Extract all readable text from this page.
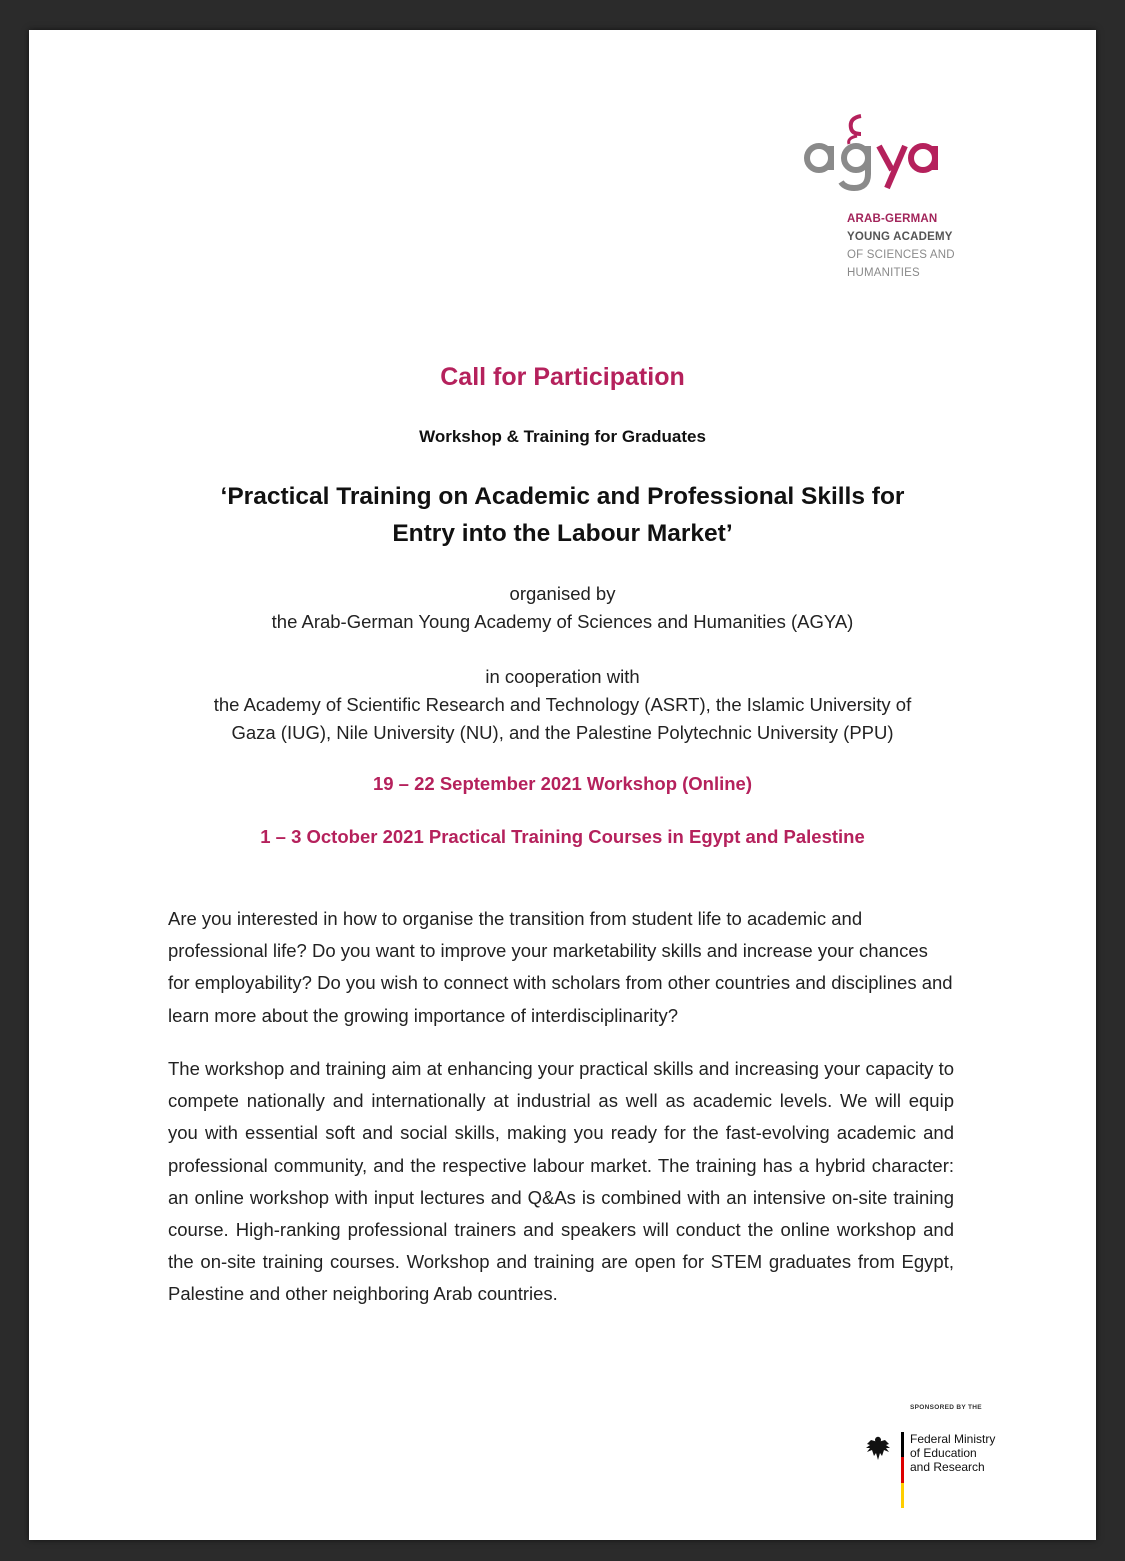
ARAB-GERMAN
YOUNG ACADEMY
OF SCIENCES AND
HUMANITIES
Call for Participation
Workshop & Training for Graduates
‘Practical Training on Academic and Professional Skills for
Entry into the Labour Market’
organised by
the Arab-German Young Academy of Sciences and Humanities (AGYA)
in cooperation with
the Academy of Scientific Research and Technology (ASRT), the Islamic University of
Gaza (IUG), Nile University (NU), and the Palestine Polytechnic University (PPU)
19 – 22 September 2021 Workshop (Online)
1 – 3 October 2021 Practical Training Courses in Egypt and Palestine

Are you interested in how to organise the transition from student life to academic and professional life? Do you want to improve your marketability skills and increase your chances for employability? Do you wish to connect with scholars from other countries and disciplines and learn more about the growing importance of interdisciplinarity?

The workshop and training aim at enhancing your practical skills and increasing your capacity to compete nationally and internationally at industrial as well as academic levels. We will equip you with essential soft and social skills, making you ready for the fast-evolving academic and professional community, and the respective labour market. The training has a hybrid character: an online workshop with input lectures and Q&As is combined with an intensive on-site training course. High-ranking professional trainers and speakers will conduct the online workshop and the on-site training courses. Workshop and training are open for STEM graduates from Egypt, Palestine and other neighboring Arab countries.

SPONSORED BY THE
Federal Ministry
of Education
and Research
